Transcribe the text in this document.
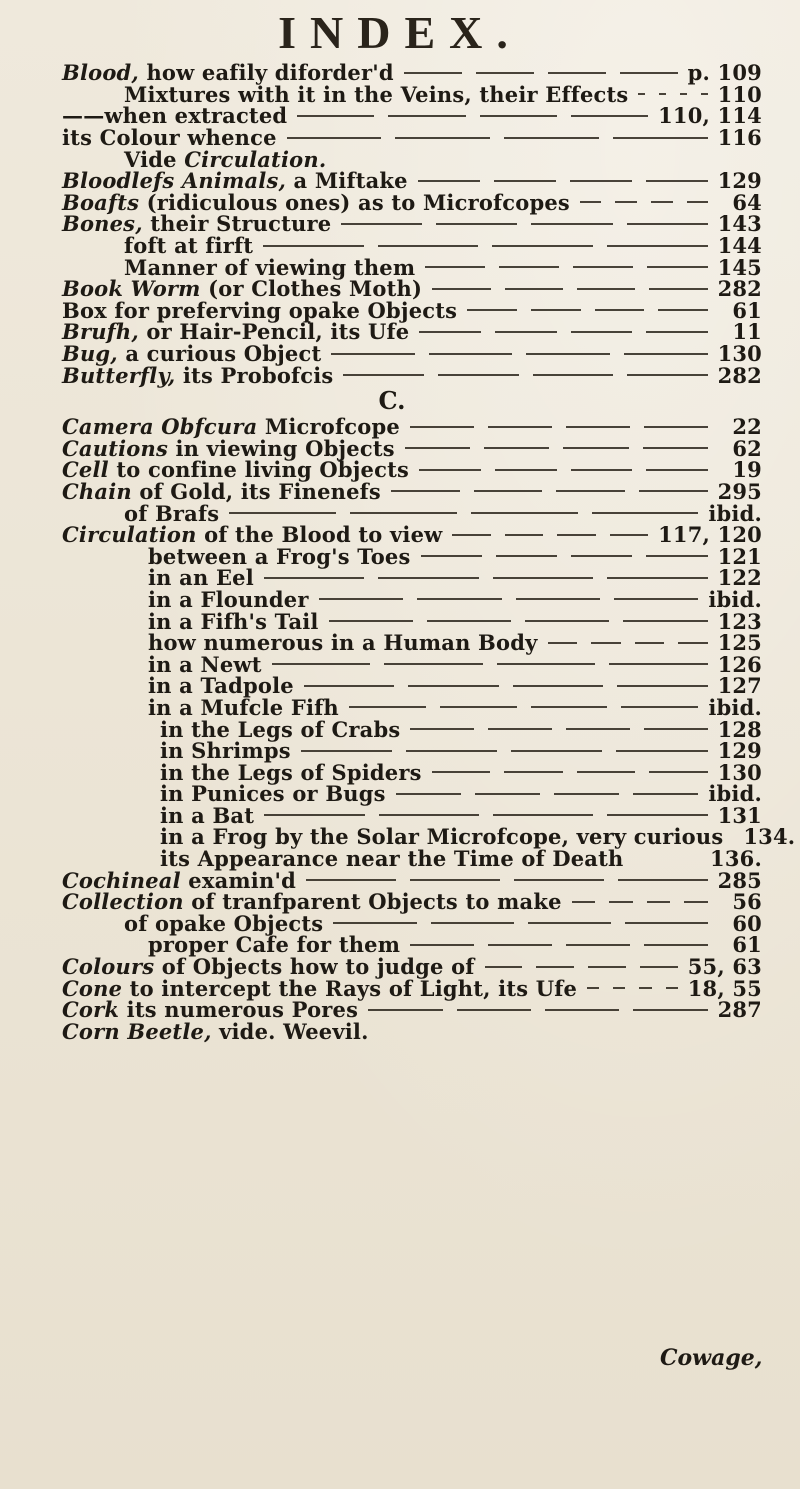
INDEX.
Blood, how eafily diforder'd	p. 109
Mixtures with it in the Veins, their Effects	110
——when extracted	110, 114
its Colour whence	116
Vide Circulation.
Bloodlefs Animals, a Miftake	129
Boafts (ridiculous ones) as to Microfcopes	64
Bones, their Structure	143
foft at firft	144
Manner of viewing them	145
Book Worm (or Clothes Moth)	282
Box for preferving opake Objects	61
Brufh, or Hair-Pencil, its Ufe	11
Bug, a curious Object	130
Butterfly, its Probofcis	282
C.
Camera Obfcura Microfcope	22
Cautions in viewing Objects	62
Cell to confine living Objects	19
Chain of Gold, its Finenefs	295
of Brafs	ibid.
Circulation of the Blood to view	117, 120
between a Frog's Toes	121
in an Eel	122
in a Flounder	ibid.
in a Fifh's Tail	123
how numerous in a Human Body	125
in a Newt	126
in a Tadpole	127
in a Mufcle Fifh	ibid.
in the Legs of Crabs	128
in Shrimps	129
in the Legs of Spiders	130
in Punices or Bugs	ibid.
in a Bat	131
in a Frog by the Solar Microfcope, very curious 134.
its Appearance near the Time of Death	136.
Cochineal examin'd	285
Collection of tranfparent Objects to make	56
of opake Objects	60
proper Cafe for them	61
Colours of Objects how to judge of	55, 63
Cone to intercept the Rays of Light, its Ufe	18, 55
Cork its numerous Pores	287
Corn Beetle, vide. Weevil.
Cowage,
